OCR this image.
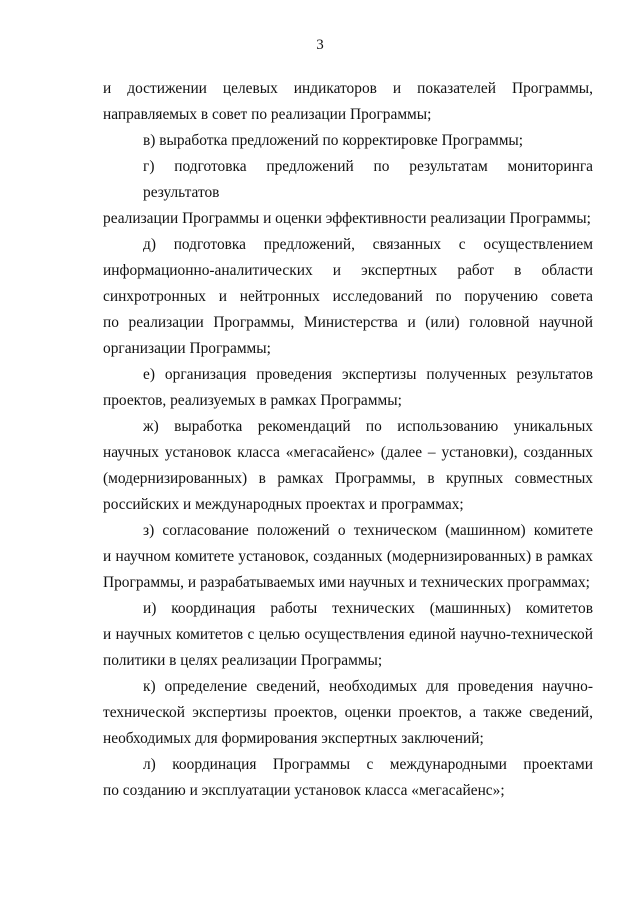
3
и достижении целевых индикаторов и показателей Программы,
направляемых в совет по реализации Программы;
в) выработка предложений по корректировке Программы;
г) подготовка предложений по результатам мониторинга результатов
реализации Программы и оценки эффективности реализации Программы;
д) подготовка предложений, связанных с осуществлением
информационно-аналитических и экспертных работ в области
синхротронных и нейтронных исследований по поручению совета
по реализации Программы, Министерства и (или) головной научной
организации Программы;
е) организация проведения экспертизы полученных результатов
проектов, реализуемых в рамках Программы;
ж) выработка рекомендаций по использованию уникальных
научных установок класса «мегасайенс» (далее – установки), созданных
(модернизированных) в рамках Программы, в крупных совместных
российских и международных проектах и программах;
з) согласование положений о техническом (машинном) комитете
и научном комитете установок, созданных (модернизированных) в рамках
Программы, и разрабатываемых ими научных и технических программах;
и) координация работы технических (машинных) комитетов
и научных комитетов с целью осуществления единой научно-технической
политики в целях реализации Программы;
к) определение сведений, необходимых для проведения научно-
технической экспертизы проектов, оценки проектов, а также сведений,
необходимых для формирования экспертных заключений;
л) координация Программы с международными проектами
по созданию и эксплуатации установок класса «мегасайенс»;
